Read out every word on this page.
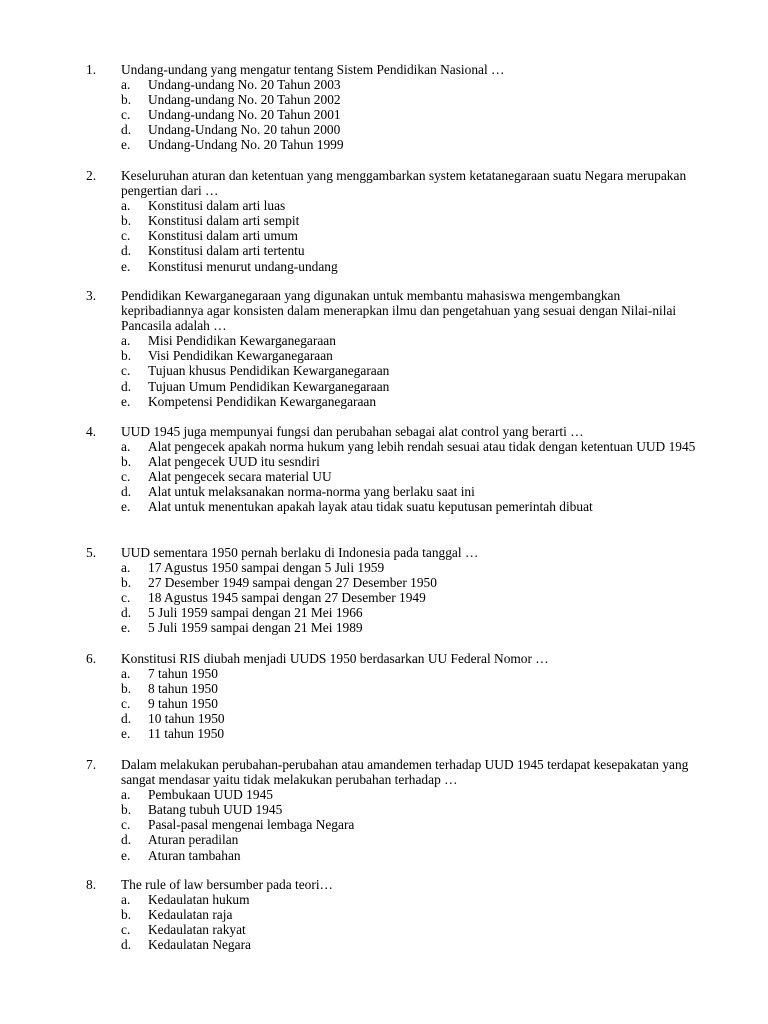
1. Undang-undang yang mengatur tentang Sistem Pendidikan Nasional …
a. Undang-undang No. 20 Tahun 2003
b. Undang-undang No. 20 Tahun 2002
c. Undang-undang No. 20 Tahun 2001
d. Undang-Undang No. 20 tahun 2000
e. Undang-Undang No. 20 Tahun 1999
2. Keseluruhan aturan dan ketentuan yang menggambarkan system ketatanegaraan suatu Negara merupakan pengertian dari …
a. Konstitusi dalam arti luas
b. Konstitusi dalam arti sempit
c. Konstitusi dalam arti umum
d. Konstitusi dalam arti tertentu
e. Konstitusi menurut undang-undang
3. Pendidikan Kewarganegaraan yang digunakan untuk membantu mahasiswa mengembangkan kepribadiannya agar konsisten dalam menerapkan ilmu dan pengetahuan yang sesuai dengan Nilai-nilai Pancasila adalah …
a. Misi Pendidikan Kewarganegaraan
b. Visi Pendidikan Kewarganegaraan
c. Tujuan khusus Pendidikan Kewarganegaraan
d. Tujuan Umum Pendidikan Kewarganegaraan
e. Kompetensi Pendidikan Kewarganegaraan
4. UUD 1945 juga mempunyai fungsi dan perubahan sebagai alat control yang berarti …
a. Alat pengecek apakah norma hukum yang lebih rendah sesuai atau tidak dengan ketentuan UUD 1945
b. Alat pengecek UUD itu sesndiri
c. Alat pengecek secara material UU
d. Alat untuk melaksanakan norma-norma yang berlaku saat ini
e. Alat untuk menentukan apakah layak atau tidak suatu keputusan pemerintah dibuat
5. UUD sementara 1950 pernah berlaku di Indonesia pada tanggal …
a. 17 Agustus 1950 sampai dengan 5 Juli 1959
b. 27 Desember 1949 sampai dengan 27 Desember 1950
c. 18 Agustus 1945 sampai dengan 27 Desember 1949
d. 5 Juli 1959 sampai dengan 21 Mei 1966
e. 5 Juli 1959 sampai dengan 21 Mei 1989
6. Konstitusi RIS diubah menjadi UUDS 1950 berdasarkan UU Federal Nomor …
a. 7 tahun 1950
b. 8 tahun 1950
c. 9 tahun 1950
d. 10 tahun 1950
e. 11 tahun 1950
7. Dalam melakukan perubahan-perubahan atau amandemen terhadap UUD 1945 terdapat kesepakatan yang sangat mendasar yaitu tidak melakukan perubahan terhadap …
a. Pembukaan UUD 1945
b. Batang tubuh UUD 1945
c. Pasal-pasal mengenai lembaga Negara
d. Aturan peradilan
e. Aturan tambahan
8. The rule of law bersumber pada teori…
a. Kedaulatan hukum
b. Kedaulatan raja
c. Kedaulatan rakyat
d. Kedaulatan Negara
